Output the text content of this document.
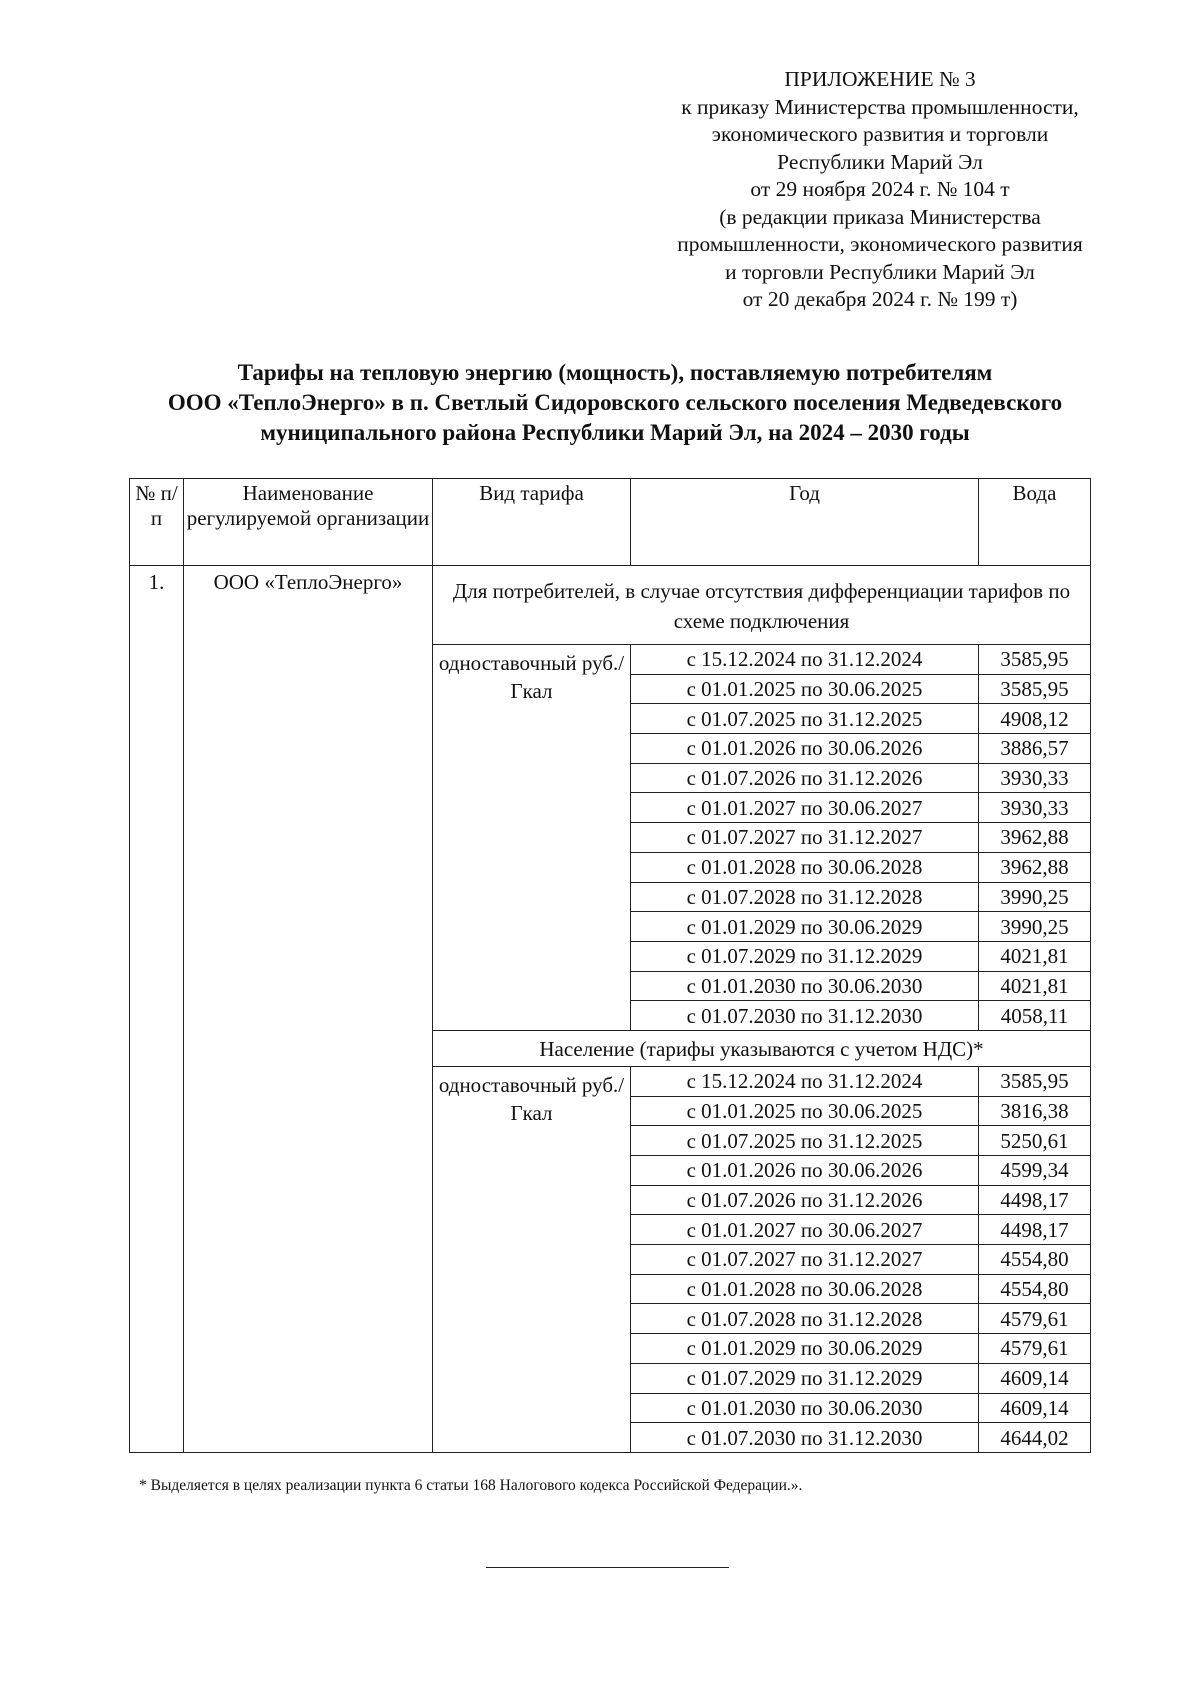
ПРИЛОЖЕНИЕ № 3
к приказу Министерства промышленности,
экономического развития и торговли
Республики Марий Эл
от 29 ноября 2024 г. № 104 т
(в редакции приказа Министерства
промышленности, экономического развития
и торговли Республики Марий Эл
от 20 декабря 2024 г. № 199 т)
Тарифы на тепловую энергию (мощность), поставляемую потребителям
ООО «ТеплоЭнерго» в п. Светлый Сидоровского сельского поселения Медведевского
муниципального района Республики Марий Эл, на 2024 – 2030 годы
№ п/п	Наименование регулируемой организации	Вид тарифа	Год	Вода
1.	ООО «ТеплоЭнерго»	Для потребителей, в случае отсутствия дифференциации тарифов по схеме подключения		
		одноставочный руб./Гкал	с 15.12.2024 по 31.12.2024	3585,95
			с 01.01.2025 по 30.06.2025	3585,95
			с 01.07.2025 по 31.12.2025	4908,12
			с 01.01.2026 по 30.06.2026	3886,57
			с 01.07.2026 по 31.12.2026	3930,33
			с 01.01.2027 по 30.06.2027	3930,33
			с 01.07.2027 по 31.12.2027	3962,88
			с 01.01.2028 по 30.06.2028	3962,88
			с 01.07.2028 по 31.12.2028	3990,25
			с 01.01.2029 по 30.06.2029	3990,25
			с 01.07.2029 по 31.12.2029	4021,81
			с 01.01.2030 по 30.06.2030	4021,81
			с 01.07.2030 по 31.12.2030	4058,11
		Население (тарифы указываются с учетом НДС)*		
		одноставочный руб./Гкал	с 15.12.2024 по 31.12.2024	3585,95
			с 01.01.2025 по 30.06.2025	3816,38
			с 01.07.2025 по 31.12.2025	5250,61
			с 01.01.2026 по 30.06.2026	4599,34
			с 01.07.2026 по 31.12.2026	4498,17
			с 01.01.2027 по 30.06.2027	4498,17
			с 01.07.2027 по 31.12.2027	4554,80
			с 01.01.2028 по 30.06.2028	4554,80
			с 01.07.2028 по 31.12.2028	4579,61
			с 01.01.2029 по 30.06.2029	4579,61
			с 01.07.2029 по 31.12.2029	4609,14
			с 01.01.2030 по 30.06.2030	4609,14
			с 01.07.2030 по 31.12.2030	4644,02
* Выделяется в целях реализации пункта 6 статьи 168 Налогового кодекса Российской Федерации.».
